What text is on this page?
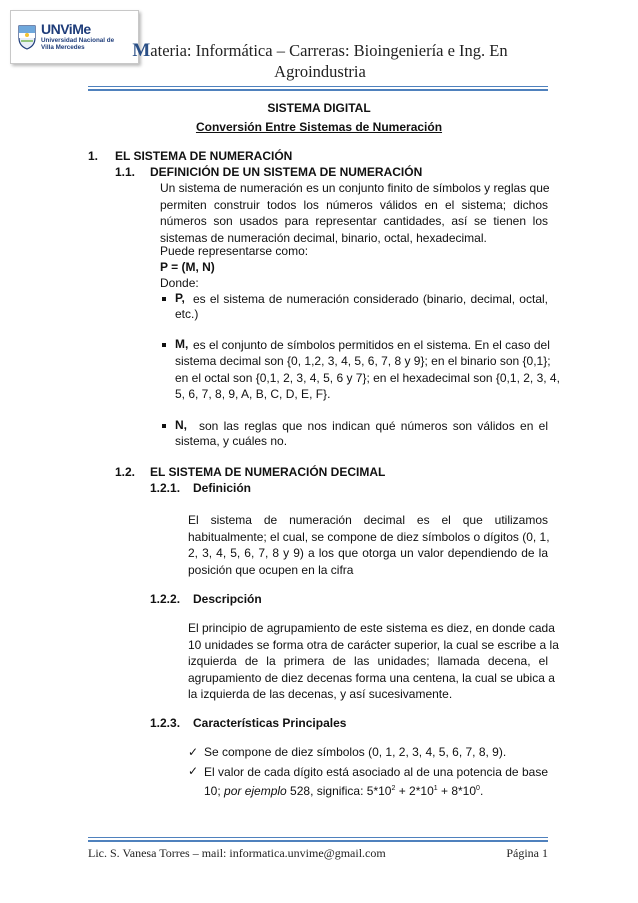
UNViMe
Universidad Nacional de
Villa Mercedes	Materia: Informática – Carreras: Bioingeniería e Ing. En
Agroindustria
SISTEMA DIGITAL
Conversión Entre Sistemas de Numeración
1. EL SISTEMA DE NUMERACIÓN
1.1. DEFINICIÓN DE UN SISTEMA DE NUMERACIÓN
Un sistema de numeración es un conjunto finito de símbolos y reglas que
permiten construir todos los números válidos en el sistema; dichos
números son usados para representar cantidades, así se tienen los
sistemas de numeración decimal, binario, octal, hexadecimal.
Puede representarse como:
P = (M, N)
Donde:
P, es el sistema de numeración considerado (binario, decimal, octal,
etc.)
M, es el conjunto de símbolos permitidos en el sistema. En el caso del
sistema decimal son {0, 1,2, 3, 4, 5, 6, 7, 8 y 9}; en el binario son {0,1};
en el octal son {0,1, 2, 3, 4, 5, 6 y 7}; en el hexadecimal son {0,1, 2, 3, 4,
5, 6, 7, 8, 9, A, B, C, D, E, F}.
N, son las reglas que nos indican qué números son válidos en el
sistema, y cuáles no.
1.2. EL SISTEMA DE NUMERACIÓN DECIMAL
1.2.1. Definición
El sistema de numeración decimal es el que utilizamos
habitualmente; el cual, se compone de diez símbolos o dígitos (0, 1,
2, 3, 4, 5, 6, 7, 8 y 9) a los que otorga un valor dependiendo de la
posición que ocupen en la cifra
1.2.2. Descripción
El principio de agrupamiento de este sistema es diez, en donde cada
10 unidades se forma otra de carácter superior, la cual se escribe a la
izquierda de la primera de las unidades; llamada decena, el
agrupamiento de diez decenas forma una centena, la cual se ubica a
la izquierda de las decenas, y así sucesivamente.
1.2.3. Características Principales
✓ Se compone de diez símbolos (0, 1, 2, 3, 4, 5, 6, 7, 8, 9).
✓ El valor de cada dígito está asociado al de una potencia de base
10; por ejemplo 528, significa: $5*10^2 + 2*10^1 + 8*10^0$.
Lic. S. Vanesa Torres – mail: informatica.unvime@gmail.com	Página 1
